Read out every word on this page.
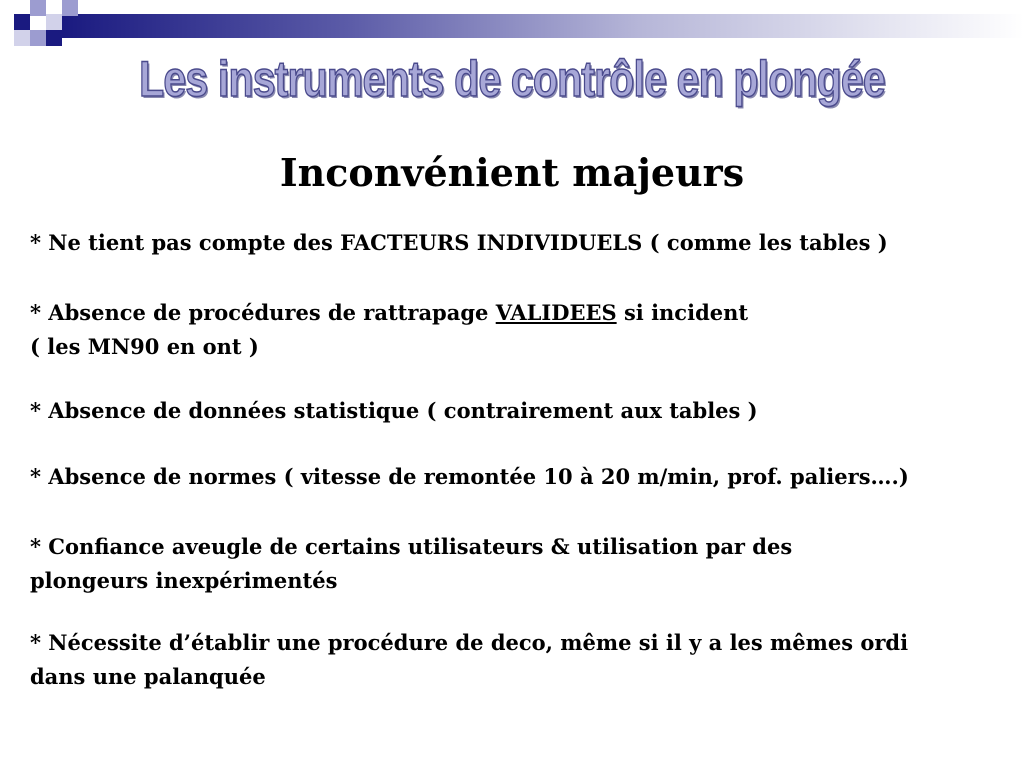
Les instruments de contrôle en plongée
Inconvénient majeurs
* Ne tient pas compte des FACTEURS INDIVIDUELS ( comme les tables )
* Absence de procédures de rattrapage VALIDEES si incident
( les MN90 en ont )
* Absence de données statistique ( contrairement aux tables )
* Absence de normes ( vitesse de remontée 10 à 20 m/min, prof. paliers….)
* Confiance aveugle de certains utilisateurs & utilisation par des
plongeurs inexpérimentés
* Nécessite d’établir une procédure de deco, même si il y a les mêmes ordi
dans une palanquée
